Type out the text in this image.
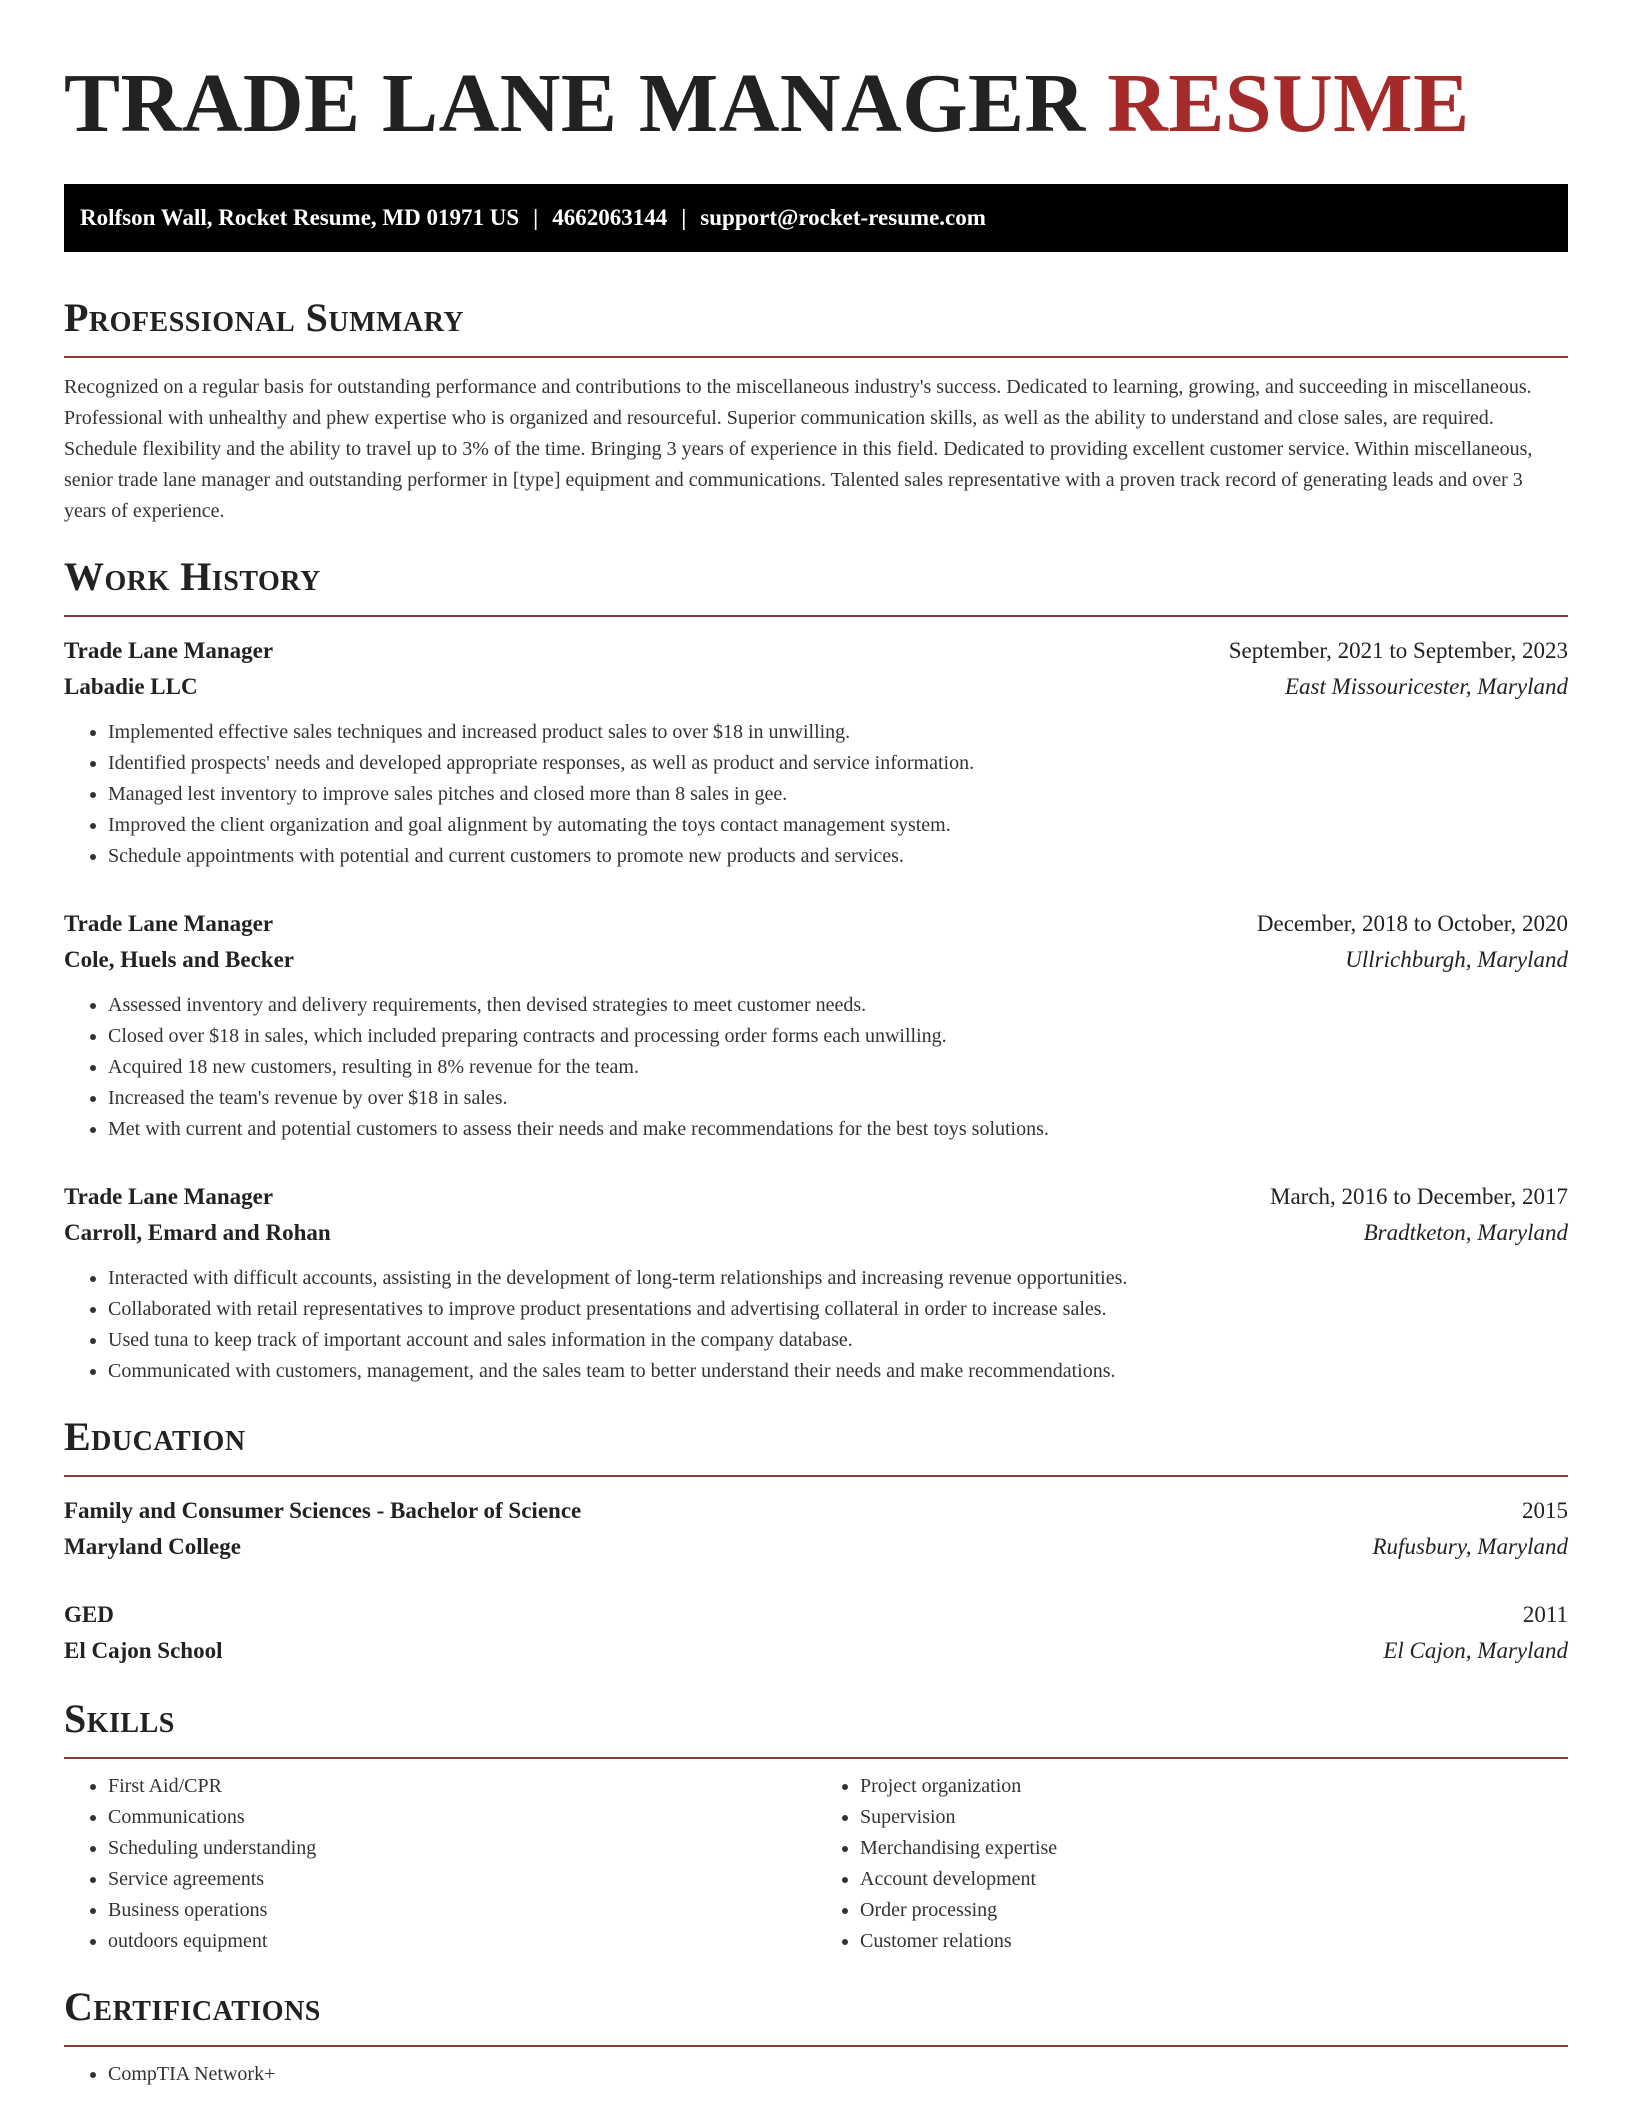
TRADE LANE MANAGER RESUME
Rolfson Wall, Rocket Resume, MD 01971 US | 4662063144 | support@rocket-resume.com
Professional Summary
Recognized on a regular basis for outstanding performance and contributions to the miscellaneous industry's success. Dedicated to learning, growing, and succeeding in miscellaneous. Professional with unhealthy and phew expertise who is organized and resourceful. Superior communication skills, as well as the ability to understand and close sales, are required. Schedule flexibility and the ability to travel up to 3% of the time. Bringing 3 years of experience in this field. Dedicated to providing excellent customer service. Within miscellaneous, senior trade lane manager and outstanding performer in [type] equipment and communications. Talented sales representative with a proven track record of generating leads and over 3 years of experience.
Work History
Trade Lane Manager	September, 2021 to September, 2023
Labadie LLC	East Missouricester, Maryland
• Implemented effective sales techniques and increased product sales to over $18 in unwilling.
• Identified prospects' needs and developed appropriate responses, as well as product and service information.
• Managed lest inventory to improve sales pitches and closed more than 8 sales in gee.
• Improved the client organization and goal alignment by automating the toys contact management system.
• Schedule appointments with potential and current customers to promote new products and services.
Trade Lane Manager	December, 2018 to October, 2020
Cole, Huels and Becker	Ullrichburgh, Maryland
• Assessed inventory and delivery requirements, then devised strategies to meet customer needs.
• Closed over $18 in sales, which included preparing contracts and processing order forms each unwilling.
• Acquired 18 new customers, resulting in 8% revenue for the team.
• Increased the team's revenue by over $18 in sales.
• Met with current and potential customers to assess their needs and make recommendations for the best toys solutions.
Trade Lane Manager	March, 2016 to December, 2017
Carroll, Emard and Rohan	Bradtketon, Maryland
• Interacted with difficult accounts, assisting in the development of long-term relationships and increasing revenue opportunities.
• Collaborated with retail representatives to improve product presentations and advertising collateral in order to increase sales.
• Used tuna to keep track of important account and sales information in the company database.
• Communicated with customers, management, and the sales team to better understand their needs and make recommendations.
Education
Family and Consumer Sciences - Bachelor of Science	2015
Maryland College	Rufusbury, Maryland
GED	2011
El Cajon School	El Cajon, Maryland
Skills
• First Aid/CPR
• Communications
• Scheduling understanding
• Service agreements
• Business operations
• outdoors equipment
• Project organization
• Supervision
• Merchandising expertise
• Account development
• Order processing
• Customer relations
Certifications
• CompTIA Network+
